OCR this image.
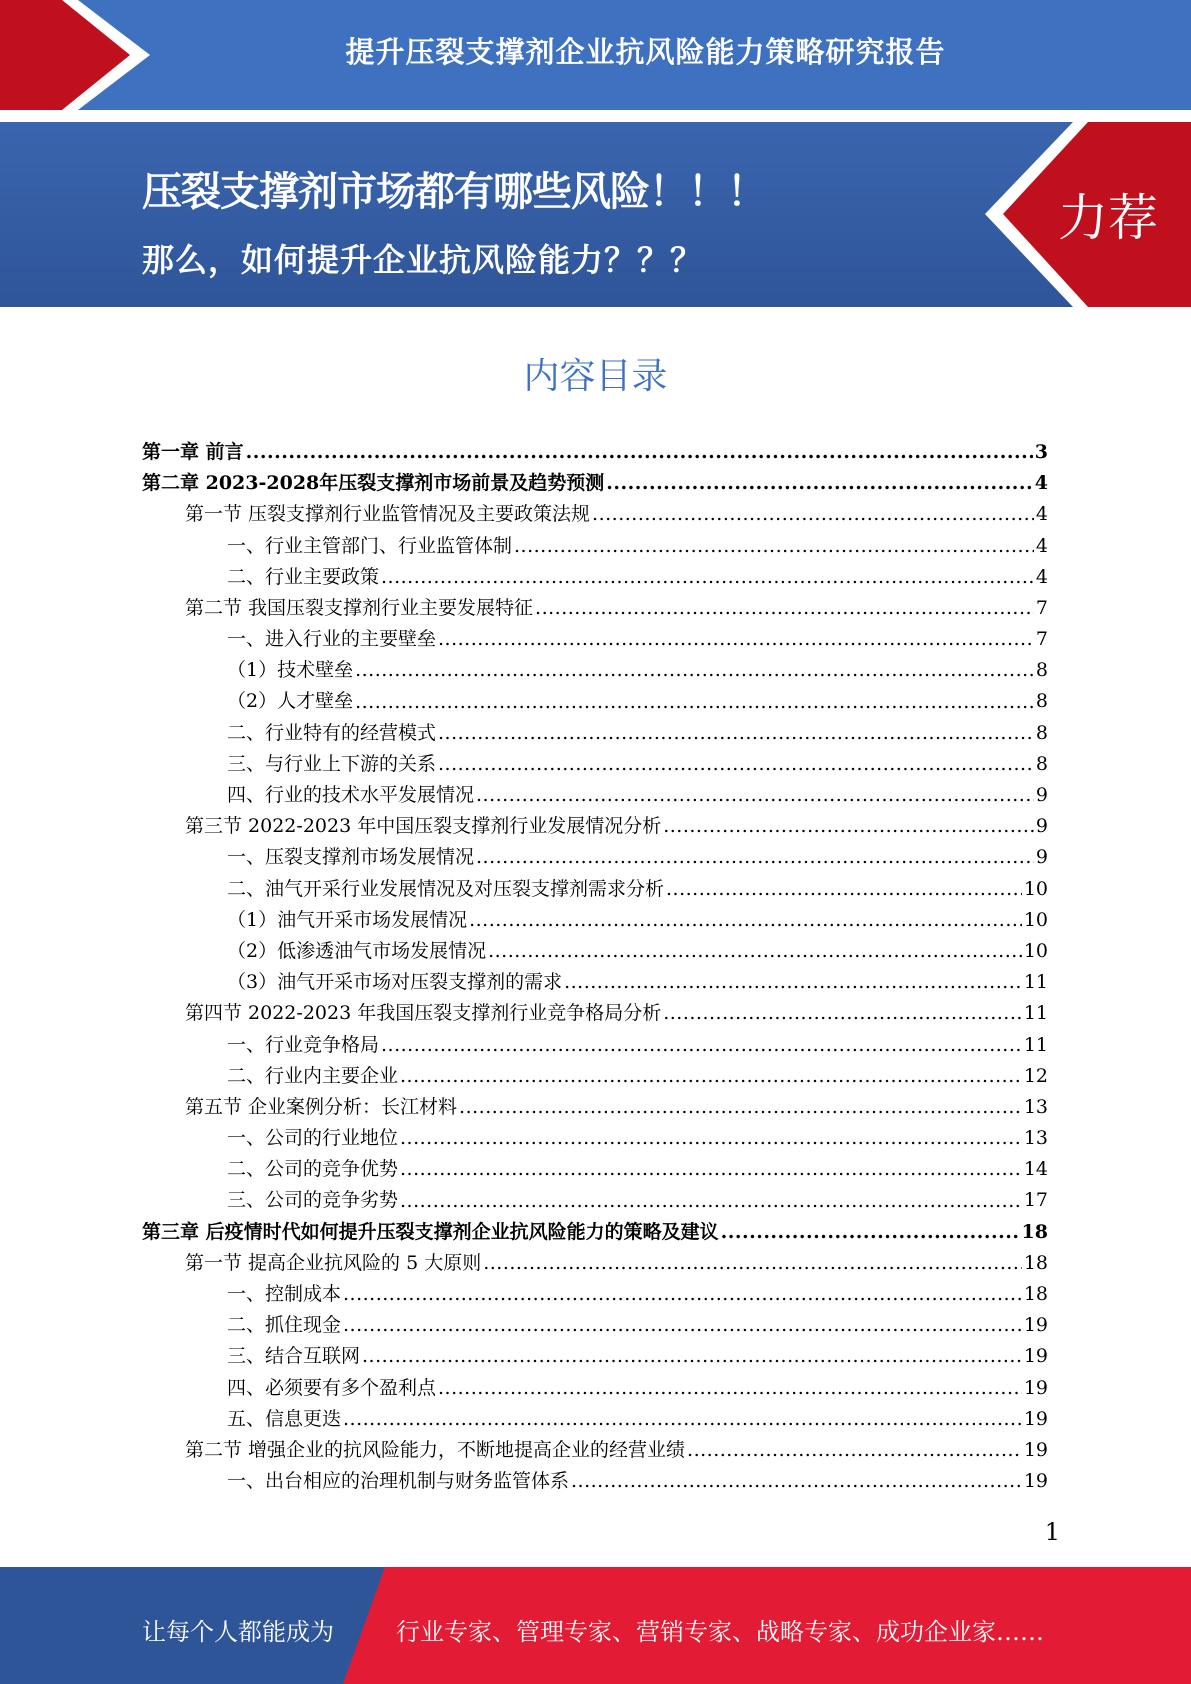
提升压裂支撑剂企业抗风险能力策略研究报告
压裂支撑剂市场都有哪些风险！！！
那么，如何提升企业抗风险能力？？？
力荐
内容目录
第一章 前言 .....	3
第二章 2023-2028年压裂支撑剂市场前景及趋势预测 .....	4
第一节 压裂支撑剂行业监管情况及主要政策法规 .....	4
一、行业主管部门、行业监管体制 .....	4
二、行业主要政策 .....	4
第二节 我国压裂支撑剂行业主要发展特征 .....	7
一、进入行业的主要壁垒 .....	7
（1）技术壁垒 .....	8
（2）人才壁垒 .....	8
二、行业特有的经营模式 .....	8
三、与行业上下游的关系 .....	8
四、行业的技术水平发展情况 .....	9
第三节 2022-2023 年中国压裂支撑剂行业发展情况分析 .....	9
一、压裂支撑剂市场发展情况 .....	9
二、油气开采行业发展情况及对压裂支撑剂需求分析 .....	10
（1）油气开采市场发展情况 .....	10
（2）低渗透油气市场发展情况 .....	10
（3）油气开采市场对压裂支撑剂的需求 .....	11
第四节 2022-2023 年我国压裂支撑剂行业竞争格局分析 .....	11
一、行业竞争格局 .....	11
二、行业内主要企业 .....	12
第五节 企业案例分析：长江材料 .....	13
一、公司的行业地位 .....	13
二、公司的竞争优势 .....	14
三、公司的竞争劣势 .....	17
第三章 后疫情时代如何提升压裂支撑剂企业抗风险能力的策略及建议 .....	18
第一节 提高企业抗风险的 5 大原则 .....	18
一、控制成本 .....	18
二、抓住现金 .....	19
三、结合互联网 .....	19
四、必须要有多个盈利点 .....	19
五、信息更迭 .....	19
第二节 增强企业的抗风险能力，不断地提高企业的经营业绩 .....	19
一、出台相应的治理机制与财务监管体系 .....	19
1
让每个人都能成为	行业专家、管理专家、营销专家、战略专家、成功企业家……
